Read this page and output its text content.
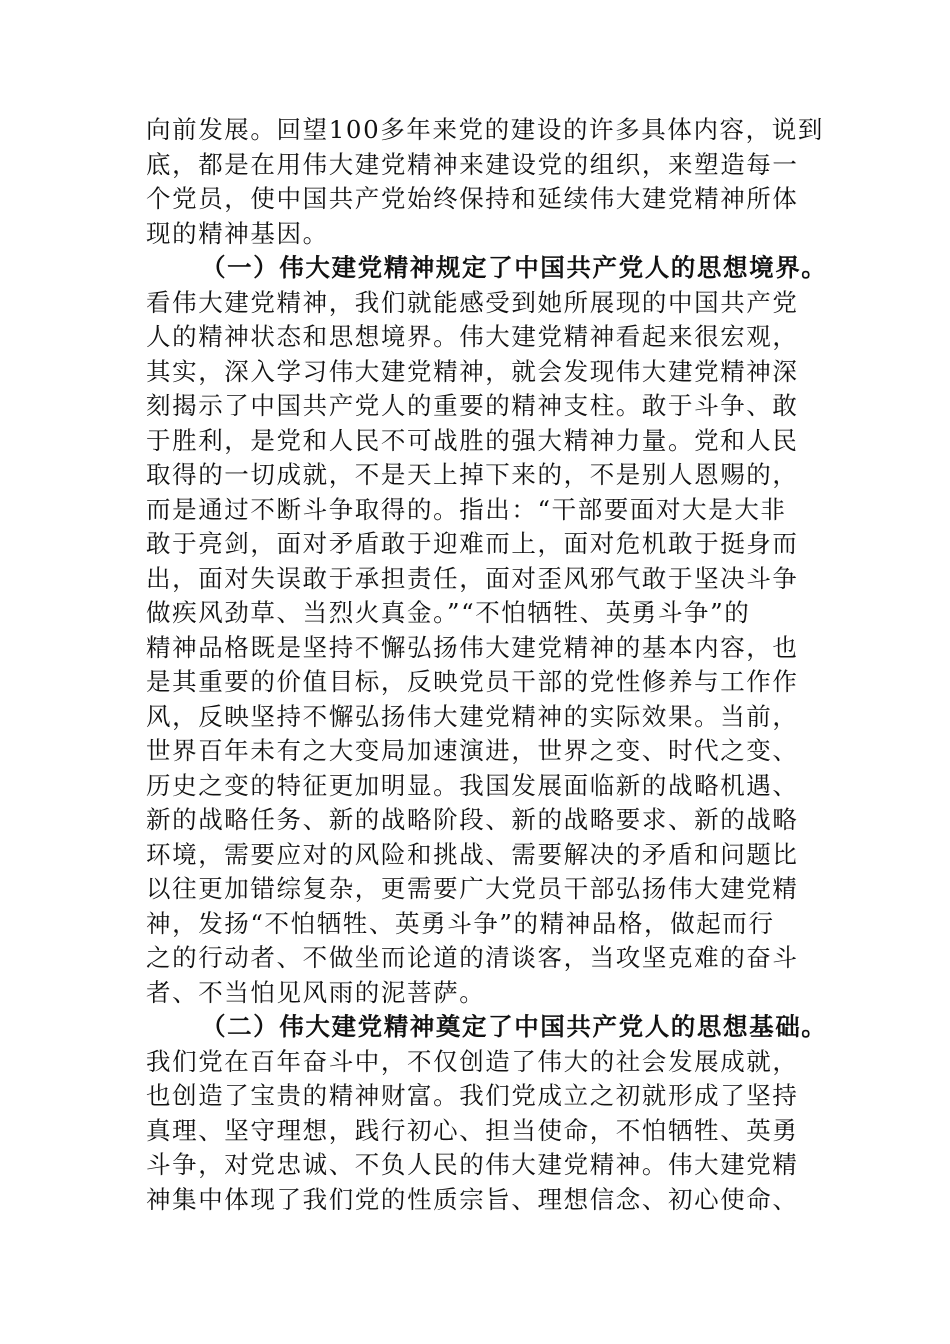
向前发展。回望100多年来党的建设的许多具体内容，说到
底，都是在用伟大建党精神来建设党的组织，来塑造每一
个党员，使中国共产党始终保持和延续伟大建党精神所体
现的精神基因。
（一）伟大建党精神规定了中国共产党人的思想境界。
看伟大建党精神，我们就能感受到她所展现的中国共产党
人的精神状态和思想境界。伟大建党精神看起来很宏观，
其实，深入学习伟大建党精神，就会发现伟大建党精神深
刻揭示了中国共产党人的重要的精神支柱。敢于斗争、敢
于胜利，是党和人民不可战胜的强大精神力量。党和人民
取得的一切成就，不是天上掉下来的，不是别人恩赐的，
而是通过不断斗争取得的。指出：“干部要面对大是大非
敢于亮剑，面对矛盾敢于迎难而上，面对危机敢于挺身而
出，面对失误敢于承担责任，面对歪风邪气敢于坚决斗争
做疾风劲草、当烈火真金。”“不怕牺牲、英勇斗争”的
精神品格既是坚持不懈弘扬伟大建党精神的基本内容，也
是其重要的价值目标，反映党员干部的党性修养与工作作
风，反映坚持不懈弘扬伟大建党精神的实际效果。当前，
世界百年未有之大变局加速演进，世界之变、时代之变、
历史之变的特征更加明显。我国发展面临新的战略机遇、
新的战略任务、新的战略阶段、新的战略要求、新的战略
环境，需要应对的风险和挑战、需要解决的矛盾和问题比
以往更加错综复杂，更需要广大党员干部弘扬伟大建党精
神，发扬“不怕牺牲、英勇斗争”的精神品格，做起而行
之的行动者、不做坐而论道的清谈客，当攻坚克难的奋斗
者、不当怕见风雨的泥菩萨。
（二）伟大建党精神奠定了中国共产党人的思想基础。
我们党在百年奋斗中，不仅创造了伟大的社会发展成就，
也创造了宝贵的精神财富。我们党成立之初就形成了坚持
真理、坚守理想，践行初心、担当使命，不怕牺牲、英勇
斗争，对党忠诚、不负人民的伟大建党精神。伟大建党精
神集中体现了我们党的性质宗旨、理想信念、初心使命、
